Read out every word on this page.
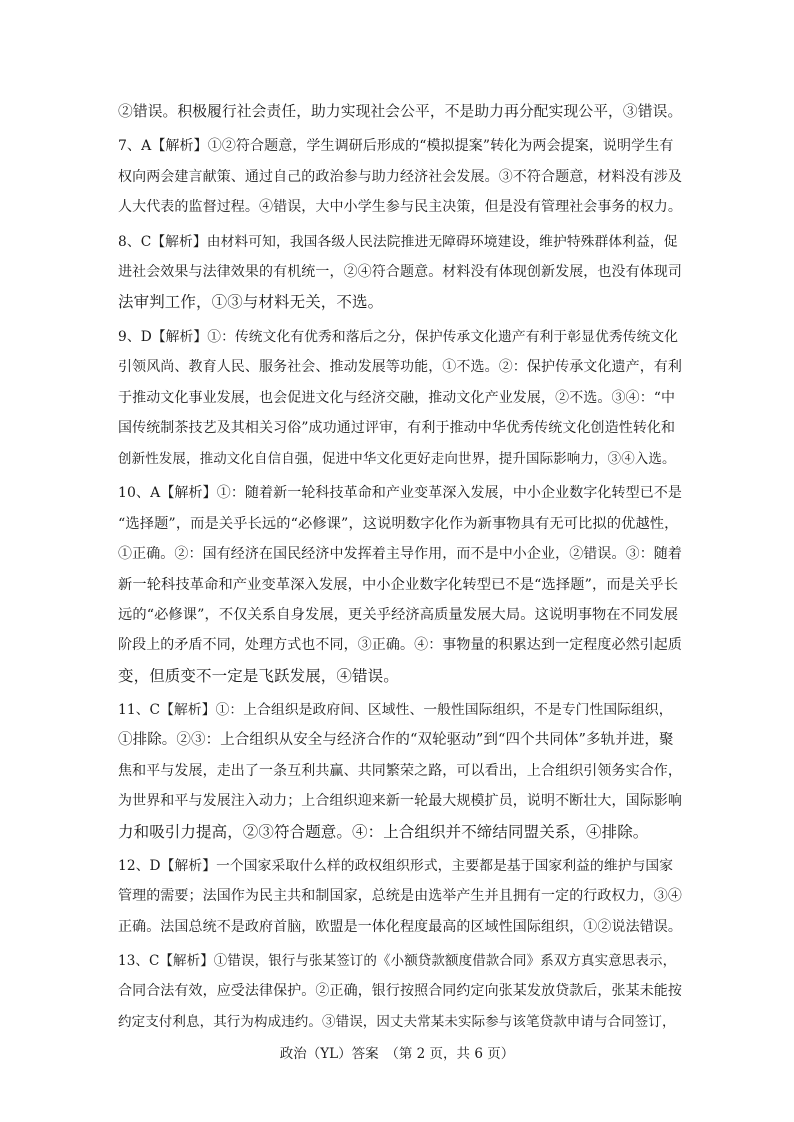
②错误。积极履行社会责任，助力实现社会公平，不是助力再分配实现公平，③错误。
7、A【解析】①②符合题意，学生调研后形成的“模拟提案”转化为两会提案，说明学生有
权向两会建言献策、通过自己的政治参与助力经济社会发展。③不符合题意，材料没有涉及
人大代表的监督过程。④错误，大中小学生参与民主决策，但是没有管理社会事务的权力。
8、C【解析】由材料可知，我国各级人民法院推进无障碍环境建设，维护特殊群体利益，促
进社会效果与法律效果的有机统一，②④符合题意。材料没有体现创新发展，也没有体现司
法审判工作，①③与材料无关，不选。
9、D【解析】①：传统文化有优秀和落后之分，保护传承文化遗产有利于彰显优秀传统文化
引领风尚、教育人民、服务社会、推动发展等功能，①不选。②：保护传承文化遗产，有利
于推动文化事业发展，也会促进文化与经济交融，推动文化产业发展，②不选。③④：“中
国传统制茶技艺及其相关习俗”成功通过评审，有利于推动中华优秀传统文化创造性转化和
创新性发展，推动文化自信自强，促进中华文化更好走向世界，提升国际影响力，③④入选。
10、A【解析】①：随着新一轮科技革命和产业变革深入发展，中小企业数字化转型已不是
“选择题”，而是关乎长远的“必修课”，这说明数字化作为新事物具有无可比拟的优越性，
①正确。②：国有经济在国民经济中发挥着主导作用，而不是中小企业，②错误。③：随着
新一轮科技革命和产业变革深入发展，中小企业数字化转型已不是“选择题”，而是关乎长
远的“必修课”，不仅关系自身发展，更关乎经济高质量发展大局。这说明事物在不同发展
阶段上的矛盾不同，处理方式也不同，③正确。④：事物量的积累达到一定程度必然引起质
变，但质变不一定是飞跃发展，④错误。
11、C【解析】①：上合组织是政府间、区域性、一般性国际组织，不是专门性国际组织，
①排除。②③：上合组织从安全与经济合作的“双轮驱动”到“四个共同体”多轨并进，聚
焦和平与发展，走出了一条互利共赢、共同繁荣之路，可以看出，上合组织引领务实合作，
为世界和平与发展注入动力；上合组织迎来新一轮最大规模扩员，说明不断壮大，国际影响
力和吸引力提高，②③符合题意。④：上合组织并不缔结同盟关系，④排除。
12、D【解析】一个国家采取什么样的政权组织形式，主要都是基于国家利益的维护与国家
管理的需要；法国作为民主共和制国家，总统是由选举产生并且拥有一定的行政权力，③④
正确。法国总统不是政府首脑，欧盟是一体化程度最高的区域性国际组织，①②说法错误。
13、C【解析】①错误，银行与张某签订的《小额贷款额度借款合同》系双方真实意思表示，
合同合法有效，应受法律保护。②正确，银行按照合同约定向张某发放贷款后，张某未能按
约定支付利息，其行为构成违约。③错误，因丈夫常某未实际参与该笔贷款申请与合同签订，
政治（YL）答案　（第 2 页，共 6 页）
